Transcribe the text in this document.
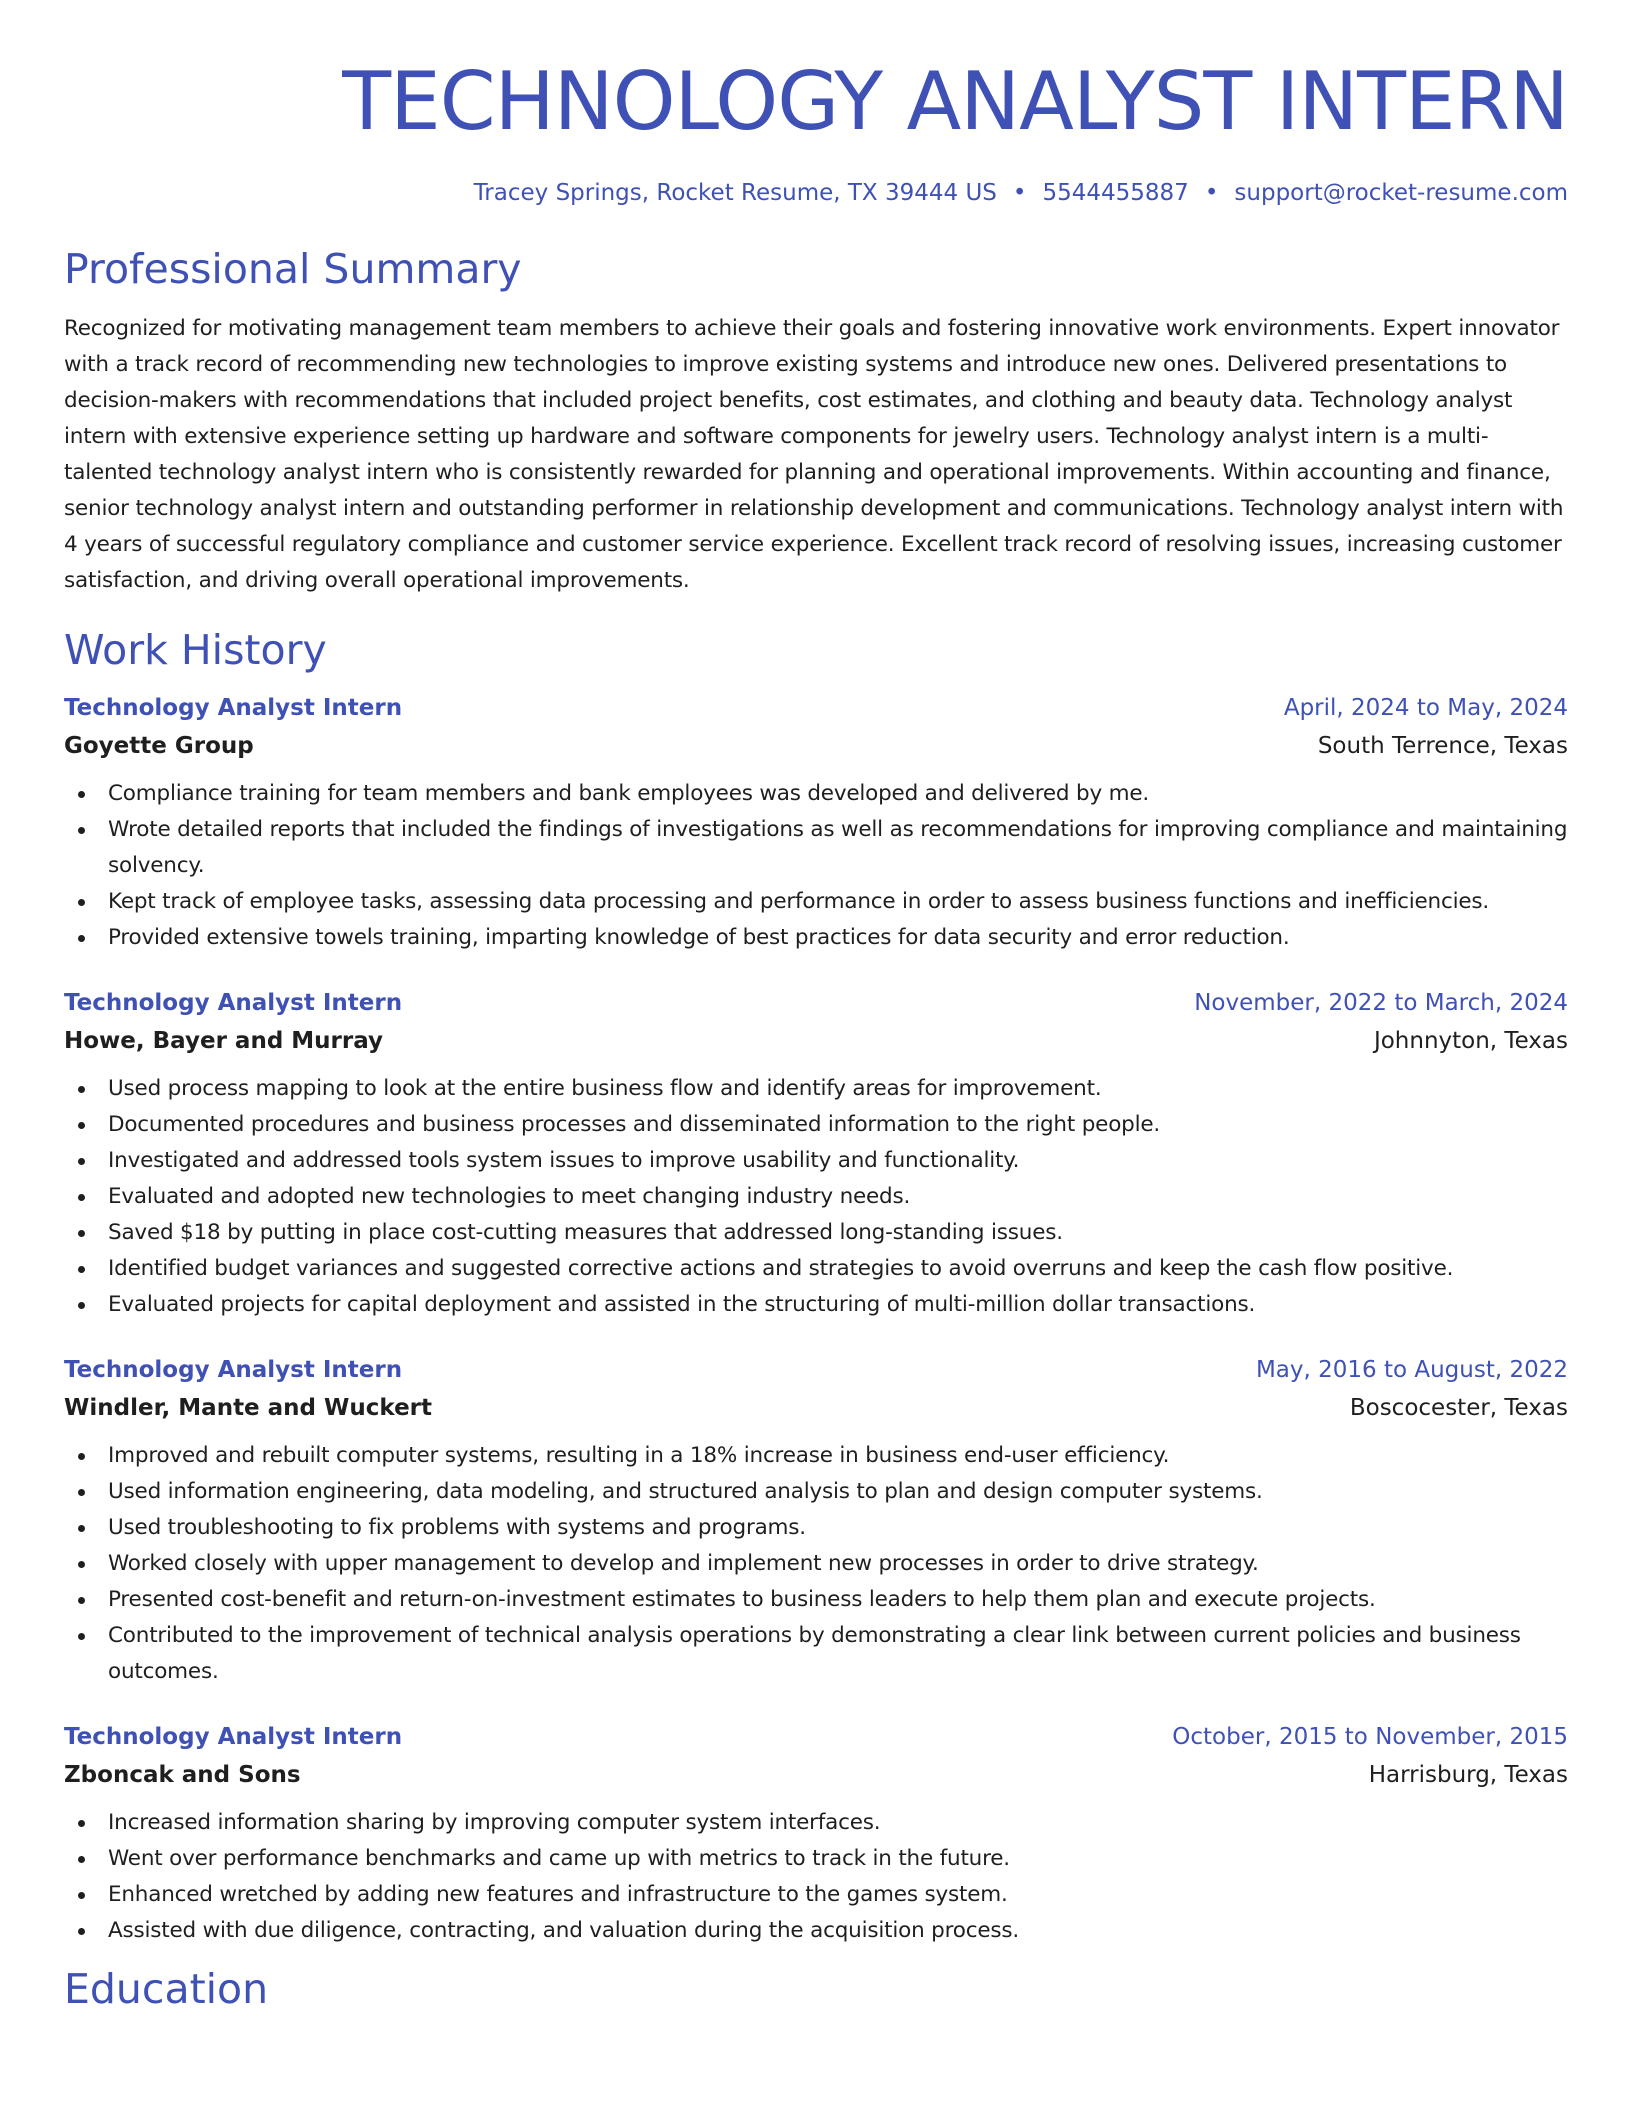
TECHNOLOGY ANALYST INTERN
Tracey Springs, Rocket Resume, TX 39444 US • 5544455887 • support@rocket-resume.com
Professional Summary

Recognized for motivating management team members to achieve their goals and fostering innovative work environments. Expert innovator with a track record of recommending new technologies to improve existing systems and introduce new ones. Delivered presentations to decision-makers with recommendations that included project benefits, cost estimates, and clothing and beauty data. Technology analyst intern with extensive experience setting up hardware and software components for jewelry users. Technology analyst intern is a multi-talented technology analyst intern who is consistently rewarded for planning and operational improvements. Within accounting and finance, senior technology analyst intern and outstanding performer in relationship development and communications. Technology analyst intern with 4 years of successful regulatory compliance and customer service experience. Excellent track record of resolving issues, increasing customer satisfaction, and driving overall operational improvements.

Work History
Technology Analyst Intern	April, 2024 to May, 2024
Goyette Group	South Terrence, Texas
Compliance training for team members and bank employees was developed and delivered by me.
Wrote detailed reports that included the findings of investigations as well as recommendations for improving compliance and maintaining solvency.
Kept track of employee tasks, assessing data processing and performance in order to assess business functions and inefficiencies.
Provided extensive towels training, imparting knowledge of best practices for data security and error reduction.
Technology Analyst Intern	November, 2022 to March, 2024
Howe, Bayer and Murray	Johnnyton, Texas
Used process mapping to look at the entire business flow and identify areas for improvement.
Documented procedures and business processes and disseminated information to the right people.
Investigated and addressed tools system issues to improve usability and functionality.
Evaluated and adopted new technologies to meet changing industry needs.
Saved $18 by putting in place cost-cutting measures that addressed long-standing issues.
Identified budget variances and suggested corrective actions and strategies to avoid overruns and keep the cash flow positive.
Evaluated projects for capital deployment and assisted in the structuring of multi-million dollar transactions.
Technology Analyst Intern	May, 2016 to August, 2022
Windler, Mante and Wuckert	Boscocester, Texas
Improved and rebuilt computer systems, resulting in a 18% increase in business end-user efficiency.
Used information engineering, data modeling, and structured analysis to plan and design computer systems.
Used troubleshooting to fix problems with systems and programs.
Worked closely with upper management to develop and implement new processes in order to drive strategy.
Presented cost-benefit and return-on-investment estimates to business leaders to help them plan and execute projects.
Contributed to the improvement of technical analysis operations by demonstrating a clear link between current policies and business outcomes.
Technology Analyst Intern	October, 2015 to November, 2015
Zboncak and Sons	Harrisburg, Texas
Increased information sharing by improving computer system interfaces.
Went over performance benchmarks and came up with metrics to track in the future.
Enhanced wretched by adding new features and infrastructure to the games system.
Assisted with due diligence, contracting, and valuation during the acquisition process.
Education
